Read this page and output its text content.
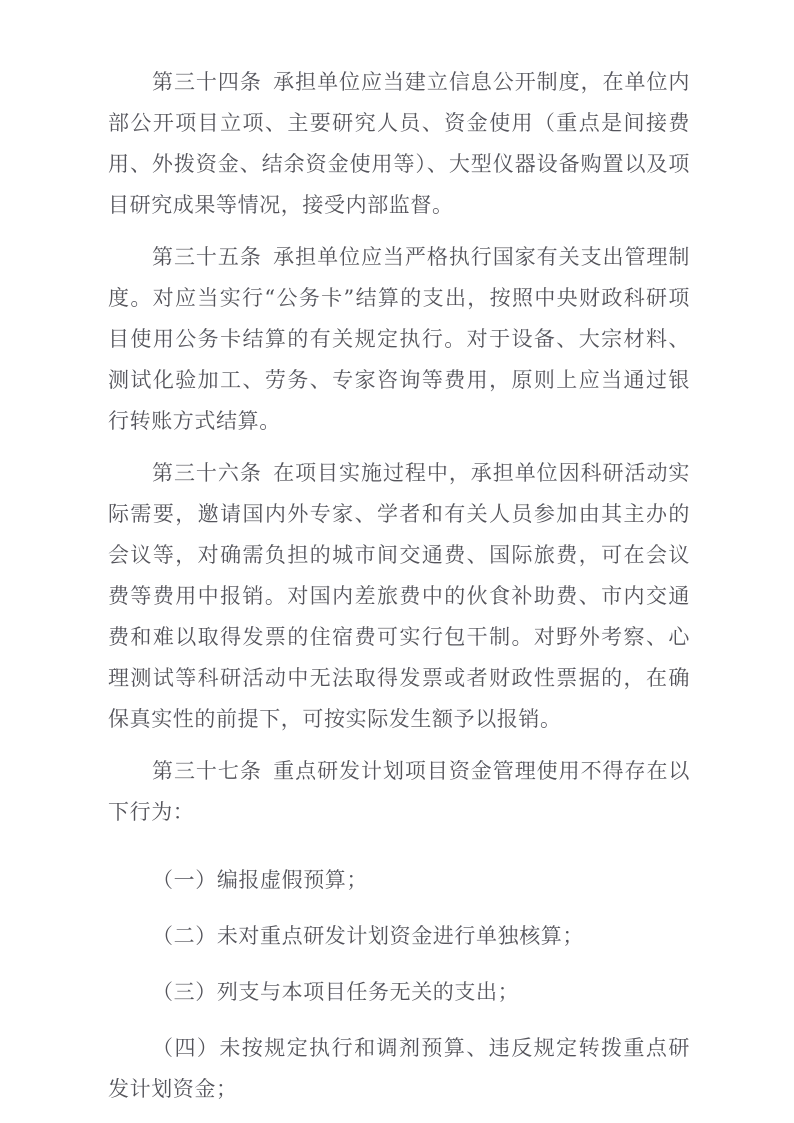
第三十四条 承担单位应当建立信息公开制度，在单位内部公开项目立项、主要研究人员、资金使用（重点是间接费用、外拨资金、结余资金使用等）、大型仪器设备购置以及项目研究成果等情况，接受内部监督。

第三十五条 承担单位应当严格执行国家有关支出管理制度。对应当实行“公务卡”结算的支出，按照中央财政科研项目使用公务卡结算的有关规定执行。对于设备、大宗材料、测试化验加工、劳务、专家咨询等费用，原则上应当通过银行转账方式结算。

第三十六条 在项目实施过程中，承担单位因科研活动实际需要，邀请国内外专家、学者和有关人员参加由其主办的会议等，对确需负担的城市间交通费、国际旅费，可在会议费等费用中报销。对国内差旅费中的伙食补助费、市内交通费和难以取得发票的住宿费可实行包干制。对野外考察、心理测试等科研活动中无法取得发票或者财政性票据的，在确保真实性的前提下，可按实际发生额予以报销。

第三十七条 重点研发计划项目资金管理使用不得存在以下行为：

（一）编报虚假预算；

（二）未对重点研发计划资金进行单独核算；

（三）列支与本项目任务无关的支出；

（四）未按规定执行和调剂预算、违反规定转拨重点研发计划资金；
